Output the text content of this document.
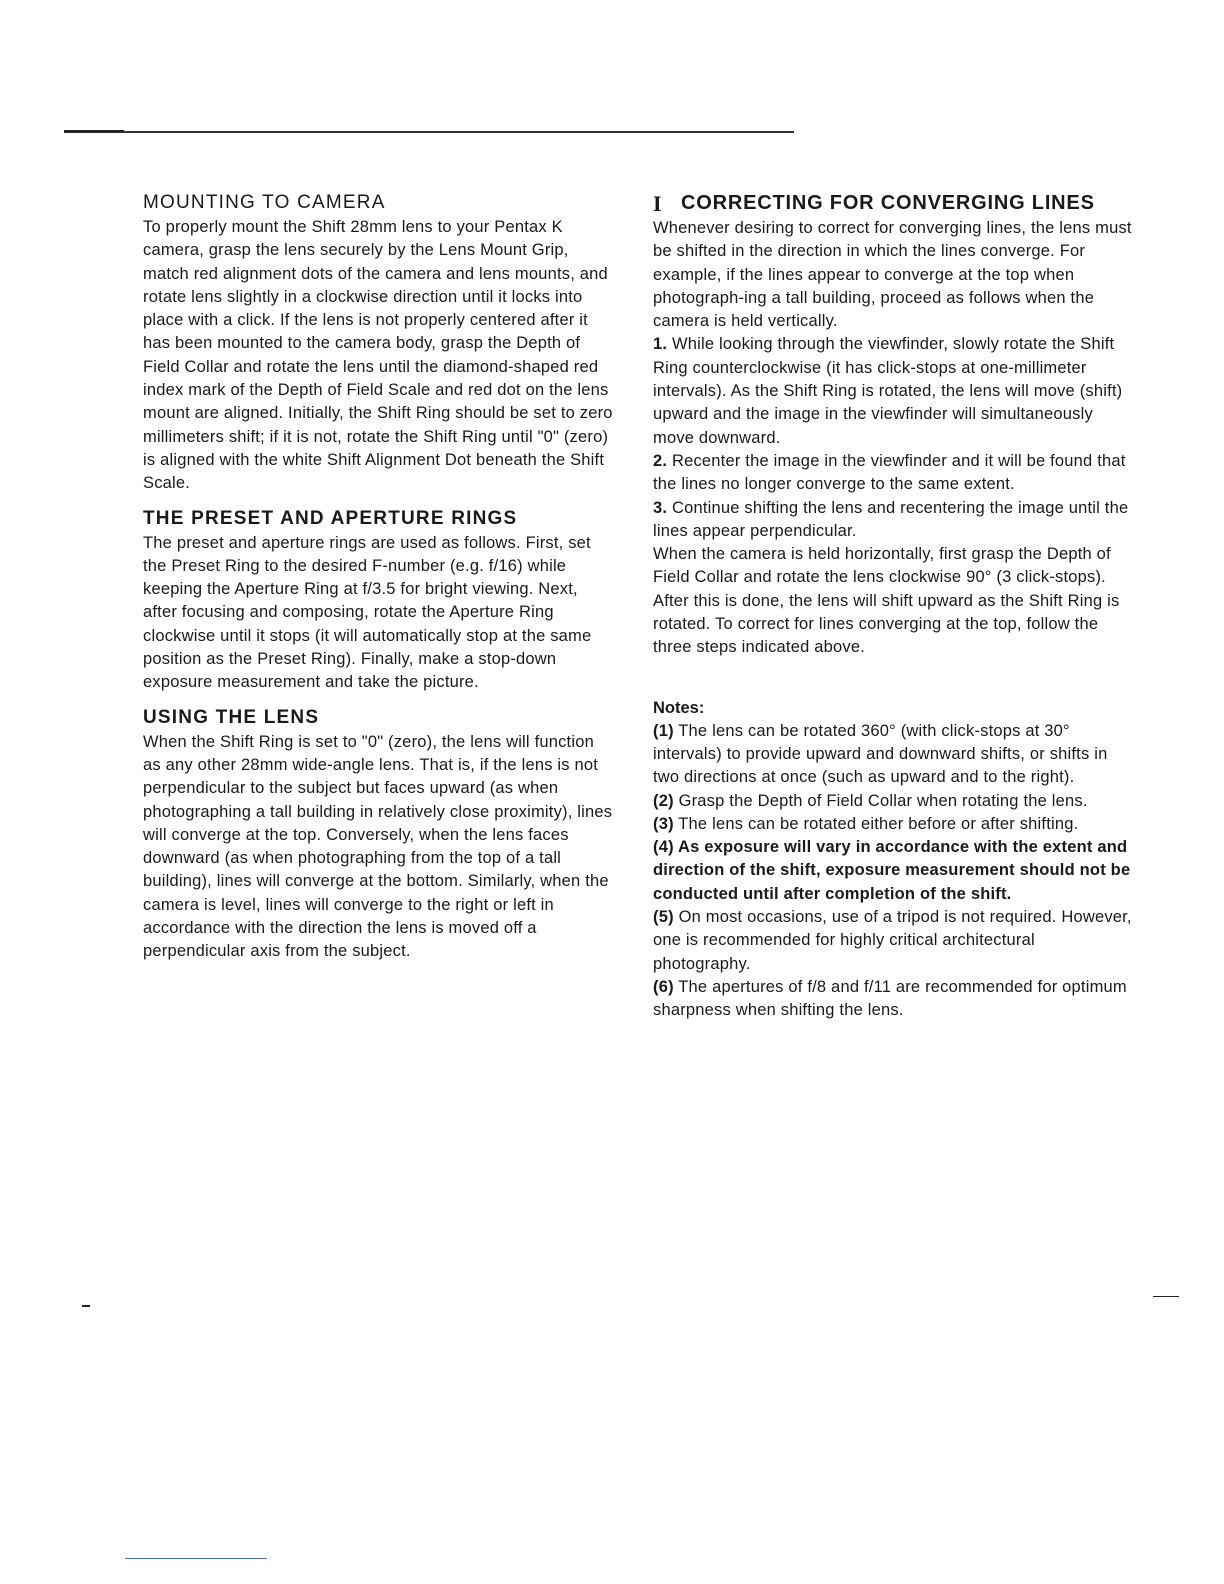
MOUNTING TO CAMERA

To properly mount the Shift 28mm lens to your Pentax K camera, grasp the lens securely by the Lens Mount Grip, match red alignment dots of the camera and lens mounts, and rotate lens slightly in a clockwise direction until it locks into place with a click. If the lens is not properly centered after it has been mounted to the camera body, grasp the Depth of Field Collar and rotate the lens until the diamond-shaped red index mark of the Depth of Field Scale and red dot on the lens mount are aligned. Initially, the Shift Ring should be set to zero millimeters shift; if it is not, rotate the Shift Ring until "0" (zero) is aligned with the white Shift Alignment Dot beneath the Shift Scale.

THE PRESET AND APERTURE RINGS

The preset and aperture rings are used as follows. First, set the Preset Ring to the desired F-number (e.g. f/16) while keeping the Aperture Ring at f/3.5 for bright viewing. Next, after focusing and composing, rotate the Aperture Ring clockwise until it stops (it will automatically stop at the same position as the Preset Ring). Finally, make a stop-down exposure measurement and take the picture.

USING THE LENS

When the Shift Ring is set to "0" (zero), the lens will function as any other 28mm wide-angle lens. That is, if the lens is not perpendicular to the subject but faces upward (as when photographing a tall building in relatively close proximity), lines will converge at the top. Conversely, when the lens faces downward (as when photographing from the top of a tall building), lines will converge at the bottom. Similarly, when the camera is level, lines will converge to the right or left in accordance with the direction the lens is moved off a perpendicular axis from the subject.

I CORRECTING FOR CONVERGING LINES

Whenever desiring to correct for converging lines, the lens must be shifted in the direction in which the lines converge. For example, if the lines appear to converge at the top when photograph-ing a tall building, proceed as follows when the camera is held vertically.

1. While looking through the viewfinder, slowly rotate the Shift Ring counterclockwise (it has click-stops at one-millimeter intervals). As the Shift Ring is rotated, the lens will move (shift) upward and the image in the viewfinder will simultaneously move downward.

2. Recenter the image in the viewfinder and it will be found that the lines no longer converge to the same extent.

3. Continue shifting the lens and recentering the image until the lines appear perpendicular.

When the camera is held horizontally, first grasp the Depth of Field Collar and rotate the lens clockwise 90° (3 click-stops). After this is done, the lens will shift upward as the Shift Ring is rotated. To correct for lines converging at the top, follow the three steps indicated above.

Notes:

(1) The lens can be rotated 360° (with click-stops at 30° intervals) to provide upward and downward shifts, or shifts in two directions at once (such as upward and to the right).

(2) Grasp the Depth of Field Collar when rotating the lens.

(3) The lens can be rotated either before or after shifting.

(4) As exposure will vary in accordance with the extent and direction of the shift, exposure measurement should not be conducted until after completion of the shift.

(5) On most occasions, use of a tripod is not required. However, one is recommended for highly critical architectural photography.

(6) The apertures of f/8 and f/11 are recommended for optimum sharpness when shifting the lens.
